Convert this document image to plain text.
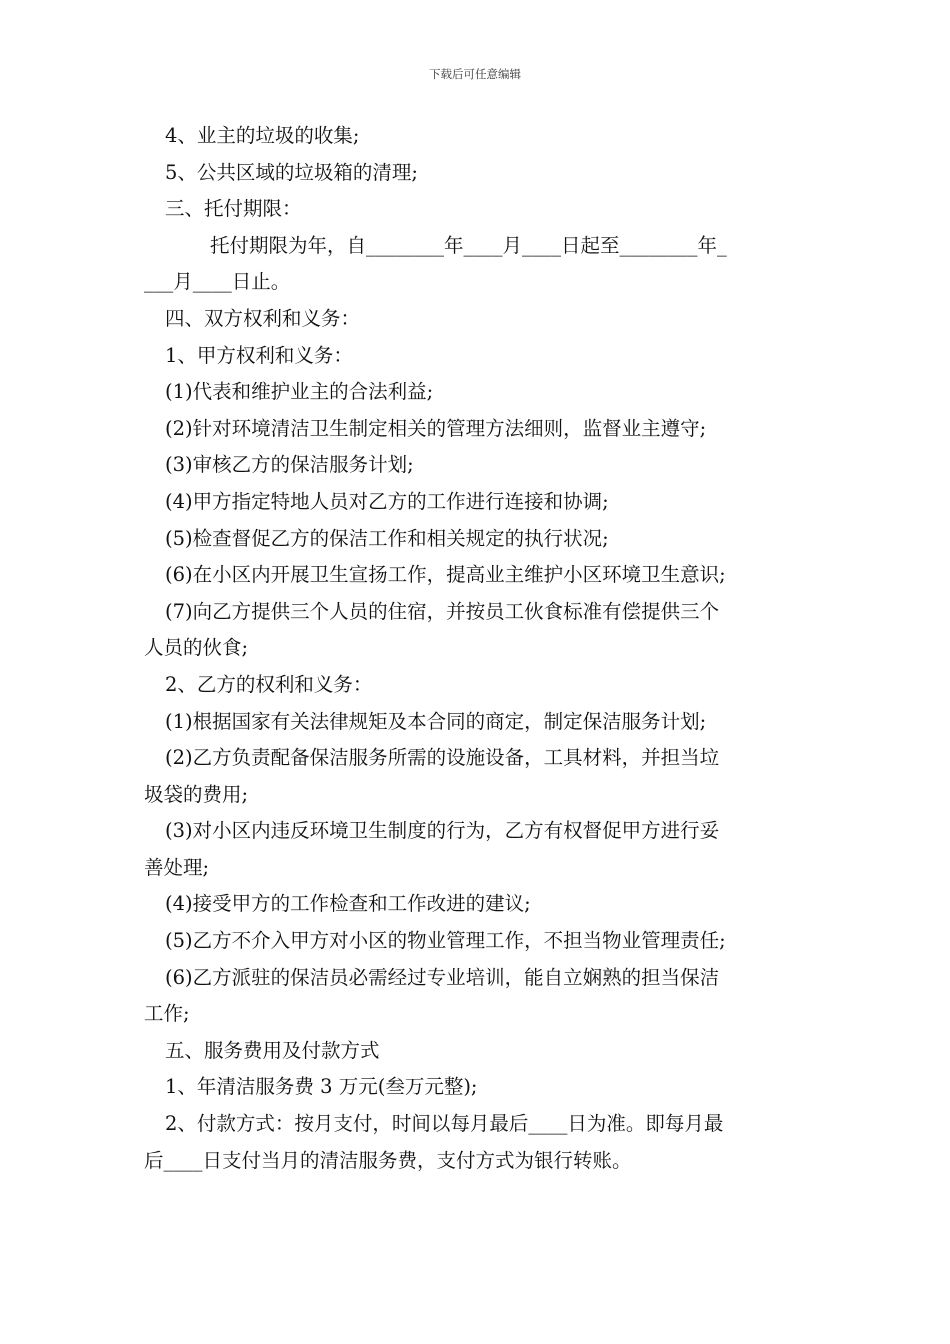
下载后可任意编辑
4、业主的垃圾的收集;
5、公共区域的垃圾箱的清理;
三、托付期限：
托付期限为年，自________年____月____日起至________年_
___月____日止。
四、双方权利和义务：
1、甲方权利和义务：
(1)代表和维护业主的合法利益;
(2)针对环境清洁卫生制定相关的管理方法细则，监督业主遵守;
(3)审核乙方的保洁服务计划;
(4)甲方指定特地人员对乙方的工作进行连接和协调;
(5)检查督促乙方的保洁工作和相关规定的执行状况;
(6)在小区内开展卫生宣扬工作，提高业主维护小区环境卫生意识;
(7)向乙方提供三个人员的住宿，并按员工伙食标准有偿提供三个
人员的伙食;
2、乙方的权利和义务：
(1)根据国家有关法律规矩及本合同的商定，制定保洁服务计划;
(2)乙方负责配备保洁服务所需的设施设备，工具材料，并担当垃
圾袋的费用;
(3)对小区内违反环境卫生制度的行为，乙方有权督促甲方进行妥
善处理;
(4)接受甲方的工作检查和工作改进的建议;
(5)乙方不介入甲方对小区的物业管理工作，不担当物业管理责任;
(6)乙方派驻的保洁员必需经过专业培训，能自立娴熟的担当保洁
工作;
五、服务费用及付款方式
1、年清洁服务费 3 万元(叁万元整);
2、付款方式：按月支付，时间以每月最后____日为准。即每月最
后____日支付当月的清洁服务费，支付方式为银行转账。
